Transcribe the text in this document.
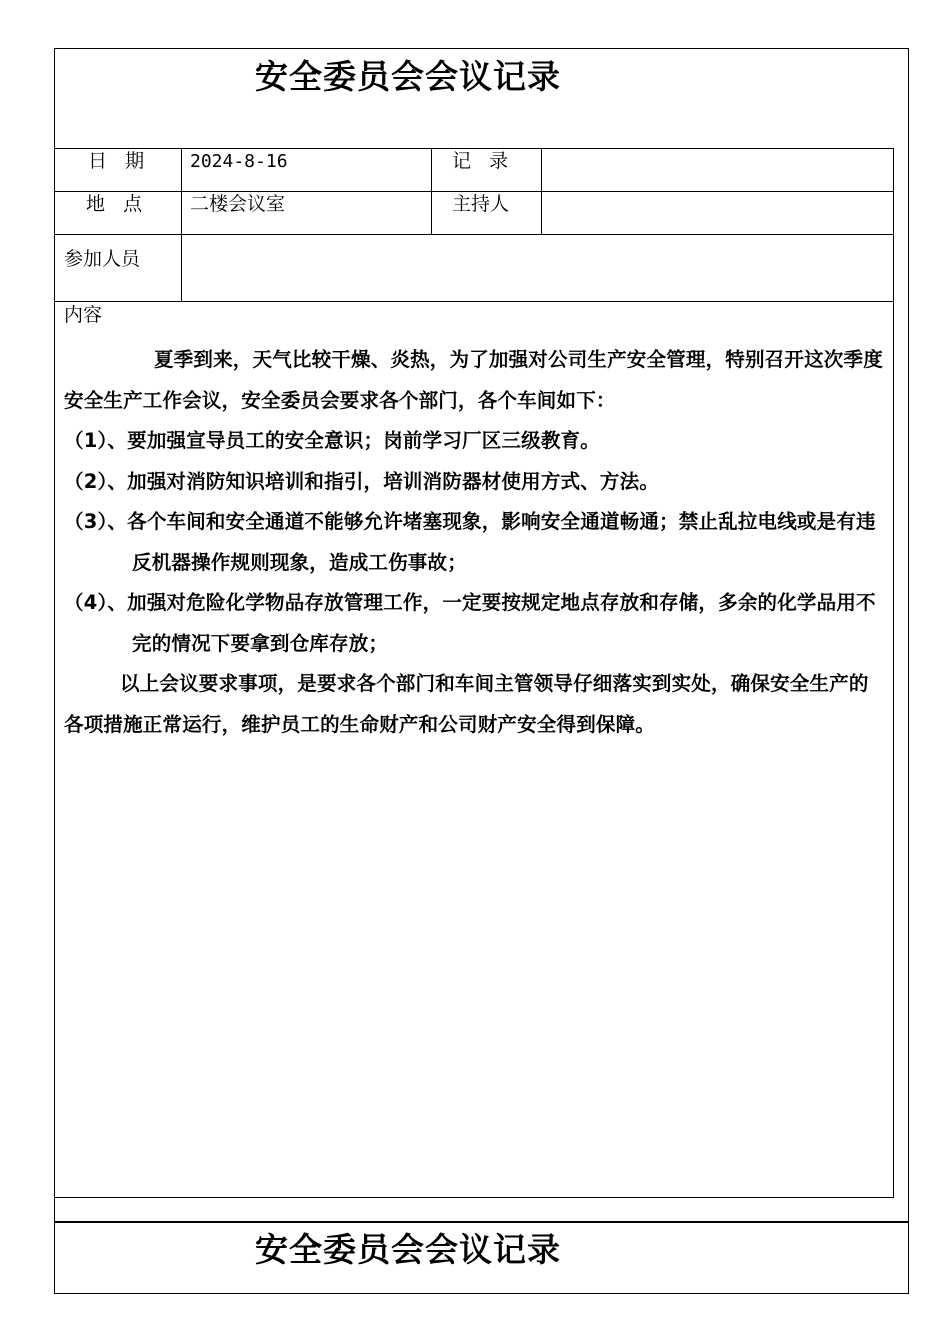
安全委员会会议记录
日  期 2024-8-16	记  录
地  点 二楼会议室	主持人
参加人员
内容

夏季到来，天气比较干燥、炎热，为了加强对公司生产安全管理，特别召开这次季度安全生产工作会议，安全委员会要求各个部门，各个车间如下：

（1）、要加强宣导员工的安全意识；岗前学习厂区三级教育。

（2）、加强对消防知识培训和指引，培训消防器材使用方式、方法。

（3）、各个车间和安全通道不能够允许堵塞现象，影响安全通道畅通；禁止乱拉电线或是有违反机器操作规则现象，造成工伤事故；

（4）、加强对危险化学物品存放管理工作，一定要按规定地点存放和存储，多余的化学品用不完的情况下要拿到仓库存放；

以上会议要求事项，是要求各个部门和车间主管领导仔细落实到实处，确保安全生产的各项措施正常运行，维护员工的生命财产和公司财产安全得到保障。

安全委员会会议记录
